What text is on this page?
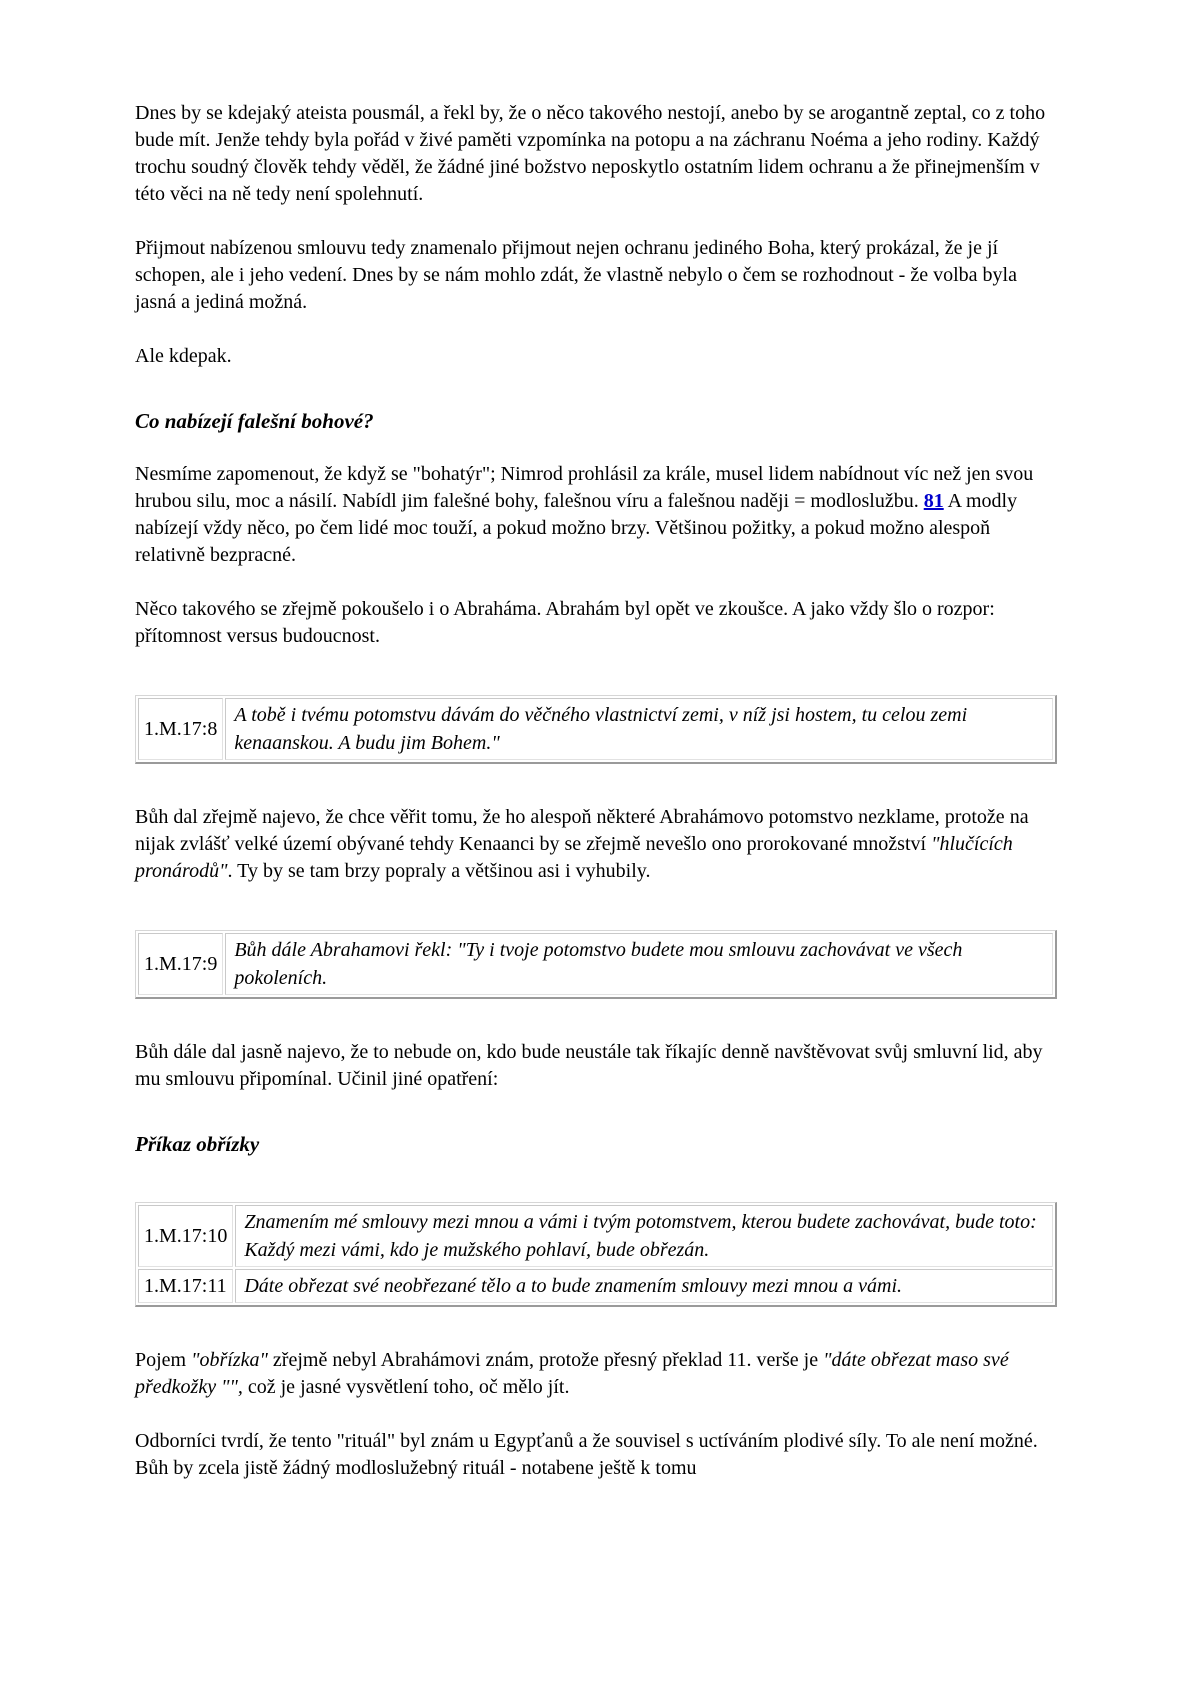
Dnes by se kdejaký ateista pousmál, a řekl by, že o něco takového nestojí, anebo by se arogantně zeptal, co z toho bude mít. Jenže tehdy byla pořád v živé paměti vzpomínka na potopu a na záchranu Noéma a jeho rodiny. Každý trochu soudný člověk tehdy věděl, že žádné jiné božstvo neposkytlo ostatním lidem ochranu a že přinejmenším v této věci na ně tedy není spolehnutí.

Přijmout nabízenou smlouvu tedy znamenalo přijmout nejen ochranu jediného Boha, který prokázal, že je jí schopen, ale i jeho vedení. Dnes by se nám mohlo zdát, že vlastně nebylo o čem se rozhodnout - že volba byla jasná a jediná možná.

Ale kdepak.

Co nabízejí falešní bohové?

Nesmíme zapomenout, že když se "bohatýr"; Nimrod prohlásil za krále, musel lidem nabídnout víc než jen svou hrubou silu, moc a násilí. Nabídl jim falešné bohy, falešnou víru a falešnou naději = modloslužbu. 81 A modly nabízejí vždy něco, po čem lidé moc touží, a pokud možno brzy. Většinou požitky, a pokud možno alespoň relativně bezpracné.

Něco takového se zřejmě pokoušelo i o Abraháma. Abrahám byl opět ve zkoušce. A jako vždy šlo o rozpor: přítomnost versus budoucnost.

1.M.17:8	A tobě i tvému potomstvu dávám do věčného vlastnictví zemi, v níž jsi hostem, tu celou zemi kenaanskou. A budu jim Bohem."

Bůh dal zřejmě najevo, že chce věřit tomu, že ho alespoň některé Abrahámovo potomstvo nezklame, protože na nijak zvlášť velké území obývané tehdy Kenaanci by se zřejmě nevešlo ono prorokované množství "hlučících pronárodů". Ty by se tam brzy popraly a většinou asi i vyhubily.

1.M.17:9	Bůh dále Abrahamovi řekl: "Ty i tvoje potomstvo budete mou smlouvu zachovávat ve všech pokoleních.

Bůh dále dal jasně najevo, že to nebude on, kdo bude neustále tak říkajíc denně navštěvovat svůj smluvní lid, aby mu smlouvu připomínal. Učinil jiné opatření:

Příkaz obřízky
1.M.17:10	Znamením mé smlouvy mezi mnou a vámi i tvým potomstvem, kterou budete zachovávat, bude toto: Každý mezi vámi, kdo je mužského pohlaví, bude obřezán.
1.M.17:11	Dáte obřezat své neobřezané tělo a to bude znamením smlouvy mezi mnou a vámi.

Pojem "obřízka" zřejmě nebyl Abrahámovi znám, protože přesný překlad 11. verše je "dáte obřezat maso své předkožky "", což je jasné vysvětlení toho, oč mělo jít.

Odborníci tvrdí, že tento "rituál" byl znám u Egypťanů a že souvisel s uctíváním plodivé síly. To ale není možné. Bůh by zcela jistě žádný modloslužebný rituál - notabene ještě k tomu
